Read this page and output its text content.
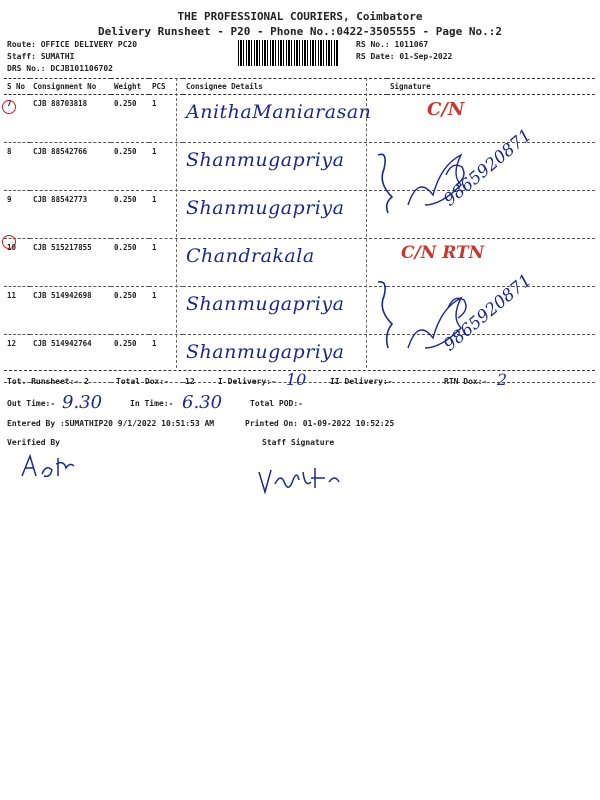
THE PROFESSIONAL COURIERS, Coimbatore
Delivery Runsheet - P20 - Phone No.:0422-3505555 - Page No.:2
Route: OFFICE DELIVERY PC20
Staff: SUMATHI
DRS No.: DCJB101106702
RS No.: 1011067
RS Date: 01-Sep-2022
S No	Consignment No	Weight	PCS	Consignee Details	Signature
7	CJB 88703818	0.250	1	AnithaManiarasan	C/N
8	CJB 88542766	0.250	1	Shanmugapriya	
9	CJB 88542773	0.250	1	Shanmugapriya	
10	CJB 515217855	0.250	1	Chandrakala	C/N RTN
11	CJB 514942698	0.250	1	Shanmugapriya	
12	CJB 514942764	0.250	1	Shanmugapriya	
9865920871
9865920871
Tot. Runsheet:- 2	Total Dox:- 12	I Delivery:- 10	II Delivery:-	RTN Dox:- 2
Out Time:- 9.30	In Time:- 6.30	Total POD:-
Entered By :SUMATHIP20 9/1/2022 10:51:53 AM	Printed On: 01-09-2022 10:52:25
Verified By	Staff Signature
